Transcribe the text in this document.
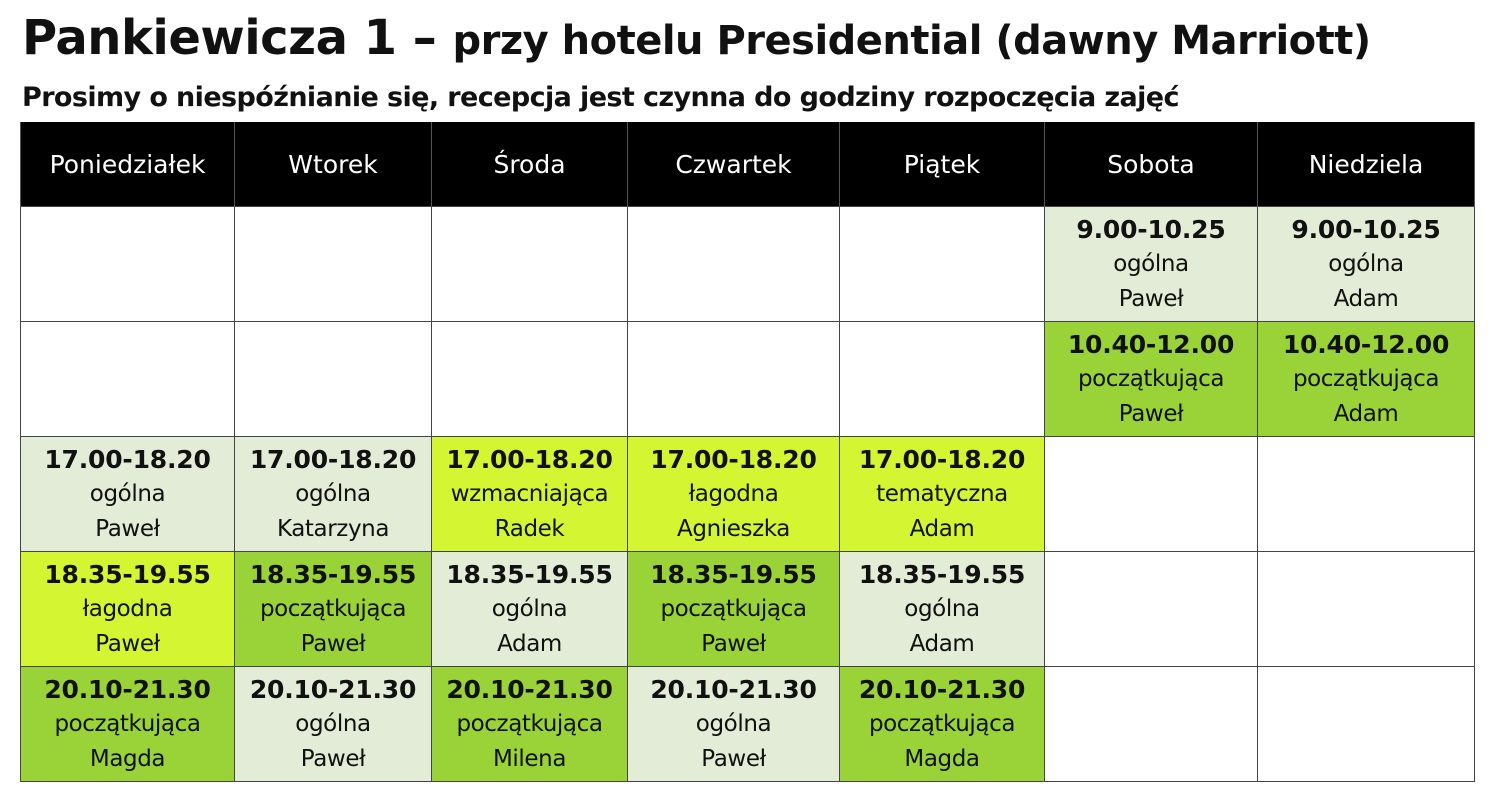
Pankiewicza 1 – przy hotelu Presidential (dawny Marriott)
Prosimy o niespóźnianie się, recepcja jest czynna do godziny rozpoczęcia zajęć
Poniedziałek	Wtorek	Środa	Czwartek	Piątek	Sobota	Niedziela

					9.00-10.25
ogólna
Paweł	9.00-10.25
ogólna
Adam

					10.40-12.00
początkująca
Paweł	10.40-12.00
początkująca
Adam

17.00-18.20
ogólna
Paweł	17.00-18.20
ogólna
Katarzyna	17.00-18.20
wzmacniająca
Radek	17.00-18.20
łagodna
Agnieszka	17.00-18.20
tematyczna
Adam		

18.35-19.55
łagodna
Paweł	18.35-19.55
początkująca
Paweł	18.35-19.55
ogólna
Adam	18.35-19.55
początkująca
Paweł	18.35-19.55
ogólna
Adam		

20.10-21.30
początkująca
Magda	20.10-21.30
ogólna
Paweł	20.10-21.30
początkująca
Milena	20.10-21.30
ogólna
Paweł	20.10-21.30
początkująca
Magda		
